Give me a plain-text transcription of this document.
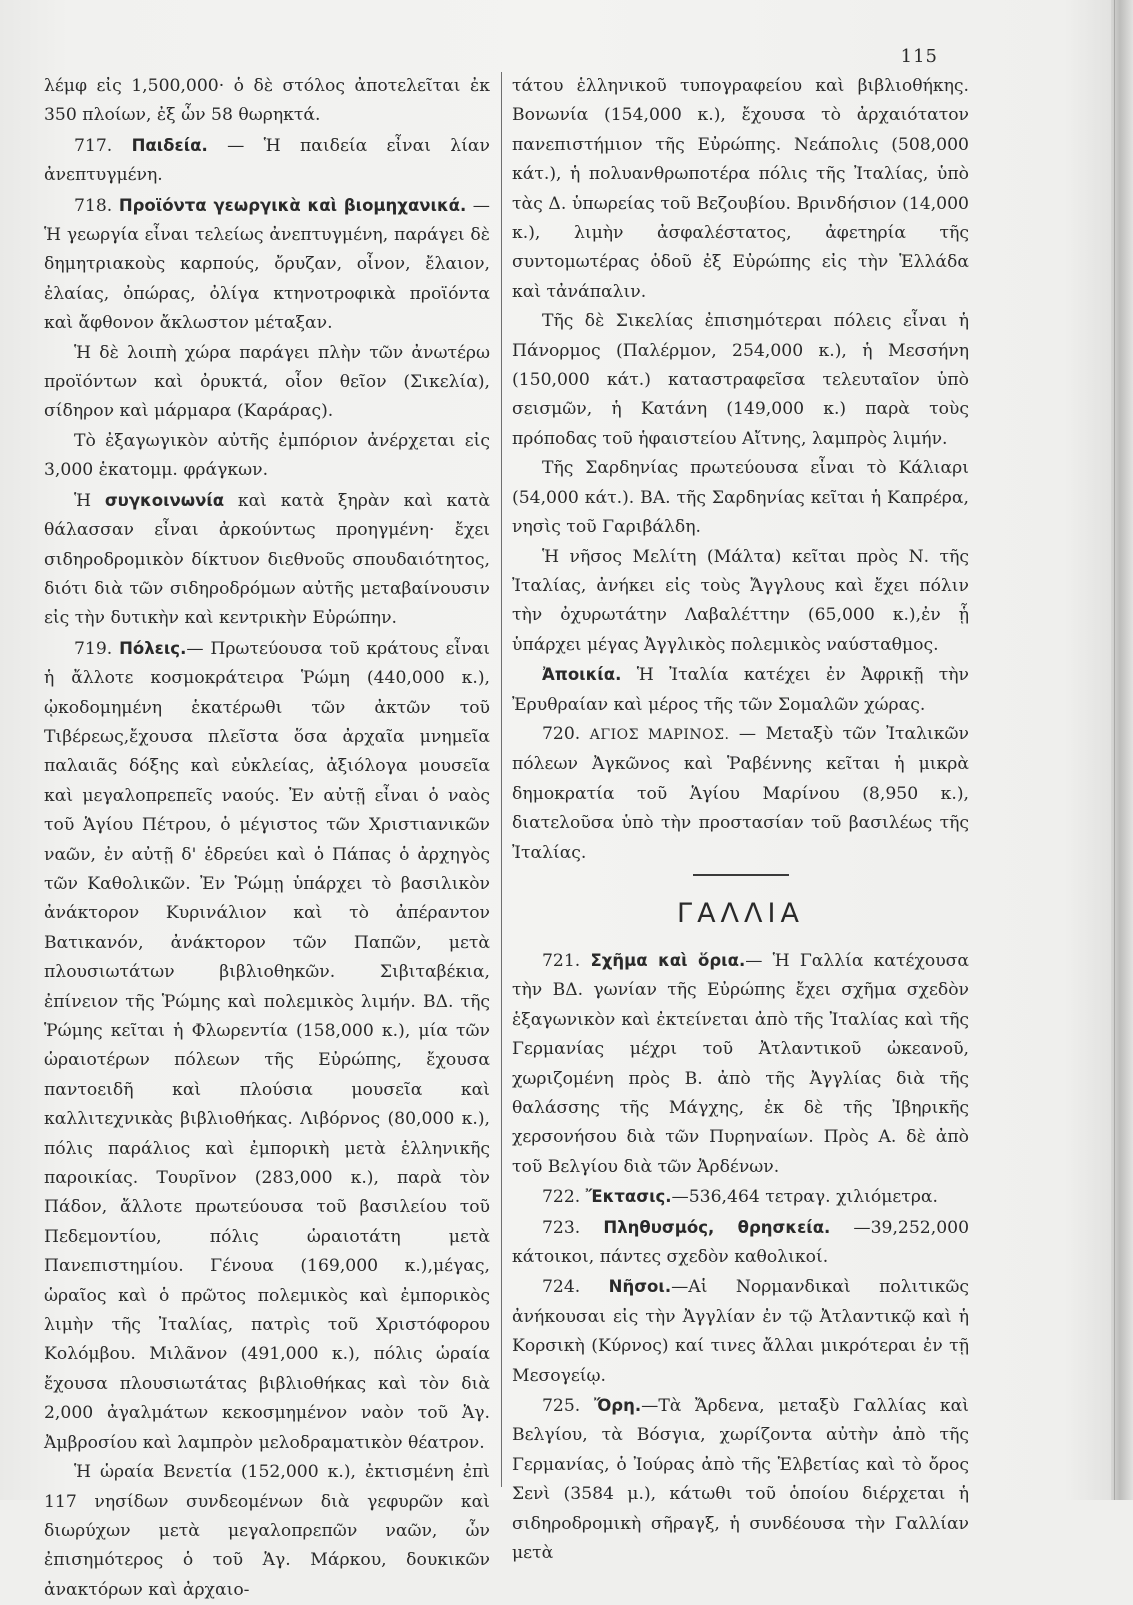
115

λέμφ εἰς 1,500,000· ὁ δὲ στόλος ἀποτελεῖται ἐκ 350 πλοίων, ἐξ ὧν 58 θωρηκτά.

717. Παιδεία. — Ἡ παιδεία εἶναι λίαν ἀνεπτυγμένη.

718. Προϊόντα γεωργικὰ καὶ βιομηχανικά. — Ἡ γεωργία εἶναι τελείως ἀνεπτυγμένη, παράγει δὲ δημητριακοὺς καρπούς, ὄρυζαν, οἶνον, ἔλαιον, ἐλαίας, ὀπώρας, ὀλίγα κτηνοτροφικὰ προϊόντα καὶ ἄφθονον ἄκλωστον μέταξαν.

Ἡ δὲ λοιπὴ χώρα παράγει πλὴν τῶν ἀνωτέρω προϊόντων καὶ ὀρυκτά, οἷον θεῖον (Σικελία), σίδηρον καὶ μάρμαρα (Καράρας).

Τὸ ἐξαγωγικὸν αὐτῆς ἐμπόριον ἀνέρχεται εἰς 3,000 ἑκατομμ. φράγκων.

Ἡ συγκοινωνία καὶ κατὰ ξηρὰν καὶ κατὰ θάλασσαν εἶναι ἀρκούντως προηγμένη· ἔχει σιδηροδρομικὸν δίκτυον διεθνοῦς σπουδαιότητος, διότι διὰ τῶν σιδηροδρόμων αὐτῆς μεταβαίνουσιν εἰς τὴν δυτικὴν καὶ κεντρικὴν Εὐρώπην.

719. Πόλεις.— Πρωτεύουσα τοῦ κράτους εἶναι ἡ ἄλλοτε κοσμοκράτειρα Ῥώμη (440,000 κ.), ᾠκοδομημένη ἑκατέρωθι τῶν ἀκτῶν τοῦ Τιβέρεως,ἔχουσα πλεῖστα ὅσα ἀρχαῖα μνημεῖα παλαιᾶς δόξης καὶ εὐκλείας, ἀξιόλογα μουσεῖα καὶ μεγαλοπρεπεῖς ναούς. Ἐν αὐτῇ εἶναι ὁ ναὸς τοῦ Ἁγίου Πέτρου, ὁ μέγιστος τῶν Χριστιανικῶν ναῶν, ἐν αὐτῇ δ' ἑδρεύει καὶ ὁ Πάπας ὁ ἀρχηγὸς τῶν Καθολικῶν. Ἐν Ῥώμῃ ὑπάρχει τὸ βασιλικὸν ἀνάκτορον Κυρινάλιον καὶ τὸ ἀπέραντον Βατικανόν, ἀνάκτορον τῶν Παπῶν, μετὰ πλουσιωτάτων βιβλιοθηκῶν. Σιβιταβέκια, ἐπίνειον τῆς Ῥώμης καὶ πολεμικὸς λιμήν. ΒΔ. τῆς Ῥώμης κεῖται ἡ Φλωρεντία (158,000 κ.), μία τῶν ὡραιοτέρων πόλεων τῆς Εὐρώπης, ἔχουσα παντοειδῆ καὶ πλούσια μουσεῖα καὶ καλλιτεχνικὰς βιβλιοθήκας. Λιβόρνος (80,000 κ.), πόλις παράλιος καὶ ἐμπορικὴ μετὰ ἑλληνικῆς παροικίας. Τουρῖνον (283,000 κ.), παρὰ τὸν Πάδον, ἄλλοτε πρωτεύουσα τοῦ βασιλείου τοῦ Πεδεμοντίου, πόλις ὡραιοτάτη μετὰ Πανεπιστημίου. Γένουα (169,000 κ.),μέγας, ὡραῖος καὶ ὁ πρῶτος πολεμικὸς καὶ ἐμπορικὸς λιμὴν τῆς Ἰταλίας, πατρὶς τοῦ Χριστόφορου Κολόμβου. Μιλᾶνον (491,000 κ.), πόλις ὡραία ἔχουσα πλουσιωτάτας βιβλιοθήκας καὶ τὸν διὰ 2,000 ἀγαλμάτων κεκοσμημένον ναὸν τοῦ Ἁγ. Ἀμβροσίου καὶ λαμπρὸν μελοδραματικὸν θέατρον.

Ἡ ὡραία Βενετία (152,000 κ.), ἐκτισμένη ἐπὶ 117 νησίδων συνδεομένων διὰ γεφυρῶν καὶ διωρύχων μετὰ μεγαλοπρεπῶν ναῶν, ὧν ἐπισημότερος ὁ τοῦ Ἁγ. Μάρκου, δουκικῶν ἀνακτόρων καὶ ἀρχαιο-

τάτου ἑλληνικοῦ τυπογραφείου καὶ βιβλιοθήκης. Βονωνία (154,000 κ.), ἔχουσα τὸ ἀρχαιότατον πανεπιστήμιον τῆς Εὐρώπης. Νεάπολις (508,000 κάτ.), ἡ πολυανθρωποτέρα πόλις τῆς Ἰταλίας, ὑπὸ τὰς Δ. ὑπωρείας τοῦ Βεζουβίου. Βρινδήσιον (14,000 κ.), λιμὴν ἀσφαλέστατος, ἀφετηρία τῆς συντομωτέρας ὁδοῦ ἐξ Εὐρώπης εἰς τὴν Ἑλλάδα καὶ τἀνάπαλιν.

Τῆς δὲ Σικελίας ἐπισημότεραι πόλεις εἶναι ἡ Πάνορμος (Παλέρμον, 254,000 κ.), ἡ Μεσσήνη (150,000 κάτ.) καταστραφεῖσα τελευταῖον ὑπὸ σεισμῶν, ἡ Κατάνη (149,000 κ.) παρὰ τοὺς πρόποδας τοῦ ἡφαιστείου Αἴτνης, λαμπρὸς λιμήν.

Τῆς Σαρδηνίας πρωτεύουσα εἶναι τὸ Κάλιαρι (54,000 κάτ.). ΒΑ. τῆς Σαρδηνίας κεῖται ἡ Καπρέρα, νησὶς τοῦ Γαριβάλδη.

Ἡ νῆσος Μελίτη (Μάλτα) κεῖται πρὸς Ν. τῆς Ἰταλίας, ἀνήκει εἰς τοὺς Ἄγγλους καὶ ἔχει πόλιν τὴν ὀχυρωτάτην Λαβαλέττην (65,000 κ.),ἐν ᾗ ὑπάρχει μέγας Ἀγγλικὸς πολεμικὸς ναύσταθμος.

Ἀποικία. Ἡ Ἰταλία κατέχει ἐν Ἀφρικῇ τὴν Ἐρυθραίαν καὶ μέρος τῆς τῶν Σομαλῶν χώρας.

720. ΑΓΙΟΣ ΜΑΡΙΝΟΣ. — Μεταξὺ τῶν Ἰταλικῶν πόλεων Ἀγκῶνος καὶ Ῥαβέννης κεῖται ἡ μικρὰ δημοκρατία τοῦ Ἁγίου Μαρίνου (8,950 κ.), διατελοῦσα ὑπὸ τὴν προστασίαν τοῦ βασιλέως τῆς Ἰταλίας.

ΓΑΛΛΙΑ

721. Σχῆμα καὶ ὅρια.— Ἡ Γαλλία κατέχουσα τὴν ΒΔ. γωνίαν τῆς Εὐρώπης ἔχει σχῆμα σχεδὸν ἑξαγωνικὸν καὶ ἐκτείνεται ἀπὸ τῆς Ἰταλίας καὶ τῆς Γερμανίας μέχρι τοῦ Ἀτλαντικοῦ ὠκεανοῦ, χωριζομένη πρὸς Β. ἀπὸ τῆς Ἀγγλίας διὰ τῆς θαλάσσης τῆς Μάγχης, ἐκ δὲ τῆς Ἰβηρικῆς χερσονήσου διὰ τῶν Πυρηναίων. Πρὸς Α. δὲ ἀπὸ τοῦ Βελγίου διὰ τῶν Ἀρδένων.

722. Ἔκτασις.—536,464 τετραγ. χιλιόμετρα.

723. Πληθυσμός, θρησκεία. —39,252,000 κάτοικοι, πάντες σχεδὸν καθολικοί.

724. Νῆσοι.—Αἱ Νορμανδικαὶ πολιτικῶς ἀνήκουσαι εἰς τὴν Ἀγγλίαν ἐν τῷ Ἀτλαντικῷ καὶ ἡ Κορσικὴ (Κύρνος) καί τινες ἄλλαι μικρότεραι ἐν τῇ Μεσογείῳ.

725. Ὄρη.—Τὰ Ἄρδενα, μεταξὺ Γαλλίας καὶ Βελγίου, τὰ Βόσγια, χωρίζοντα αὐτὴν ἀπὸ τῆς Γερμανίας, ὁ Ἰούρας ἀπὸ τῆς Ἑλβετίας καὶ τὸ ὄρος Σενὶ (3584 μ.), κάτωθι τοῦ ὁποίου διέρχεται ἡ σιδηροδρομικὴ σῆραγξ, ἡ συνδέουσα τὴν Γαλλίαν μετὰ
